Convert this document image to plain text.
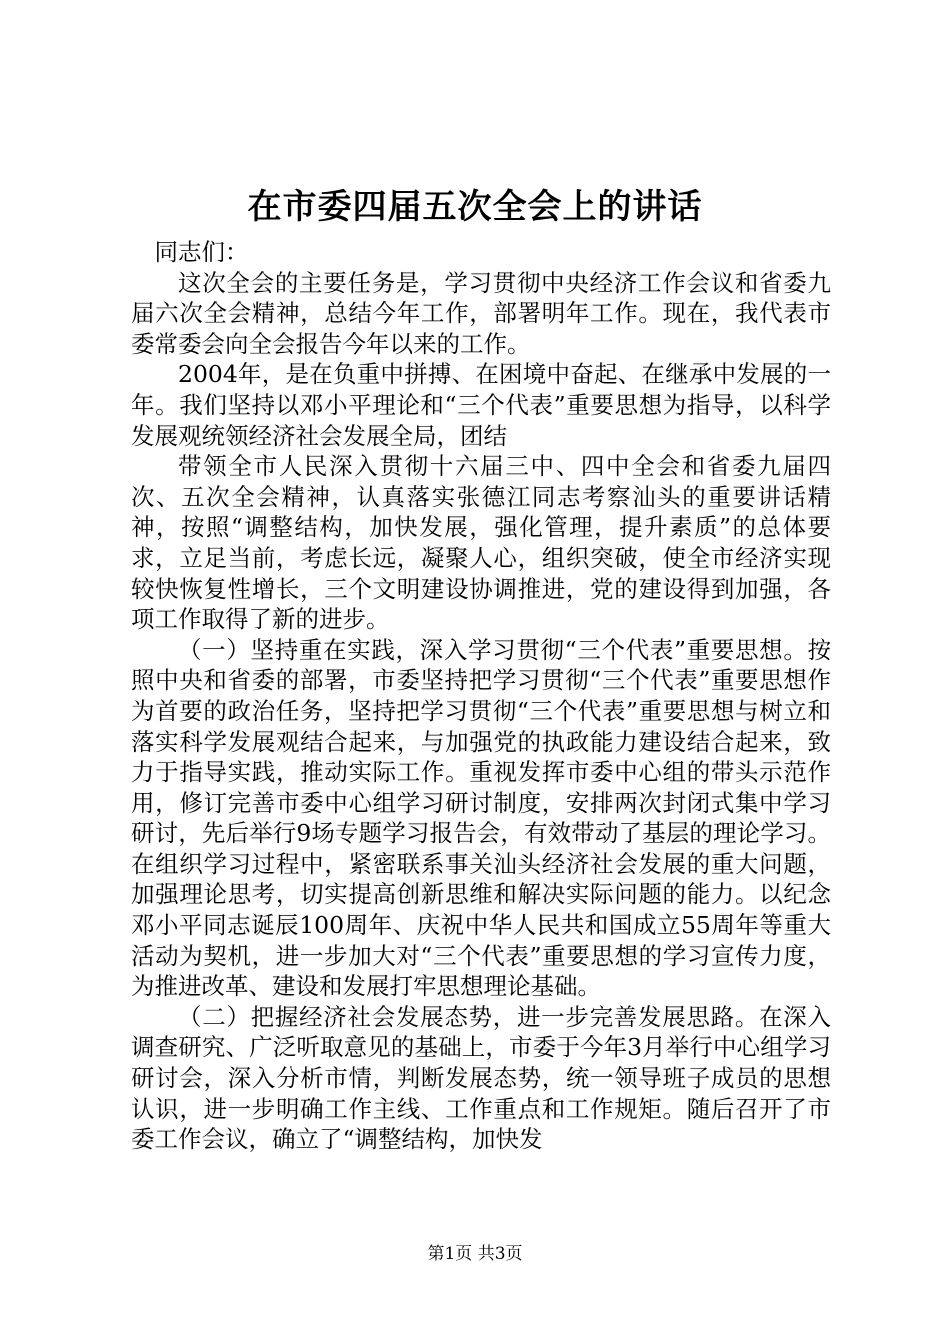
在市委四届五次全会上的讲话

同志们：

这次全会的主要任务是，学习贯彻中央经济工作会议和省委九届六次全会精神，总结今年工作，部署明年工作。现在，我代表市委常委会向全会报告今年以来的工作。

2004年，是在负重中拼搏、在困境中奋起、在继承中发展的一年。我们坚持以邓小平理论和“三个代表”重要思想为指导，以科学发展观统领经济社会发展全局，团结

带领全市人民深入贯彻十六届三中、四中全会和省委九届四次、五次全会精神，认真落实张德江同志考察汕头的重要讲话精神，按照“调整结构，加快发展，强化管理，提升素质”的总体要求，立足当前，考虑长远，凝聚人心，组织突破，使全市经济实现较快恢复性增长，三个文明建设协调推进，党的建设得到加强，各项工作取得了新的进步。

（一）坚持重在实践，深入学习贯彻“三个代表”重要思想。按照中央和省委的部署，市委坚持把学习贯彻“三个代表”重要思想作为首要的政治任务，坚持把学习贯彻“三个代表”重要思想与树立和落实科学发展观结合起来，与加强党的执政能力建设结合起来，致力于指导实践，推动实际工作。重视发挥市委中心组的带头示范作用，修订完善市委中心组学习研讨制度，安排两次封闭式集中学习研讨，先后举行9场专题学习报告会，有效带动了基层的理论学习。在组织学习过程中，紧密联系事关汕头经济社会发展的重大问题，加强理论思考，切实提高创新思维和解决实际问题的能力。以纪念邓小平同志诞辰100周年、庆祝中华人民共和国成立55周年等重大活动为契机，进一步加大对“三个代表”重要思想的学习宣传力度，为推进改革、建设和发展打牢思想理论基础。

（二）把握经济社会发展态势，进一步完善发展思路。在深入调查研究、广泛听取意见的基础上，市委于今年3月举行中心组学习研讨会，深入分析市情，判断发展态势，统一领导班子成员的思想认识，进一步明确工作主线、工作重点和工作规矩。随后召开了市委工作会议，确立了“调整结构，加快发

第1页 共3页
